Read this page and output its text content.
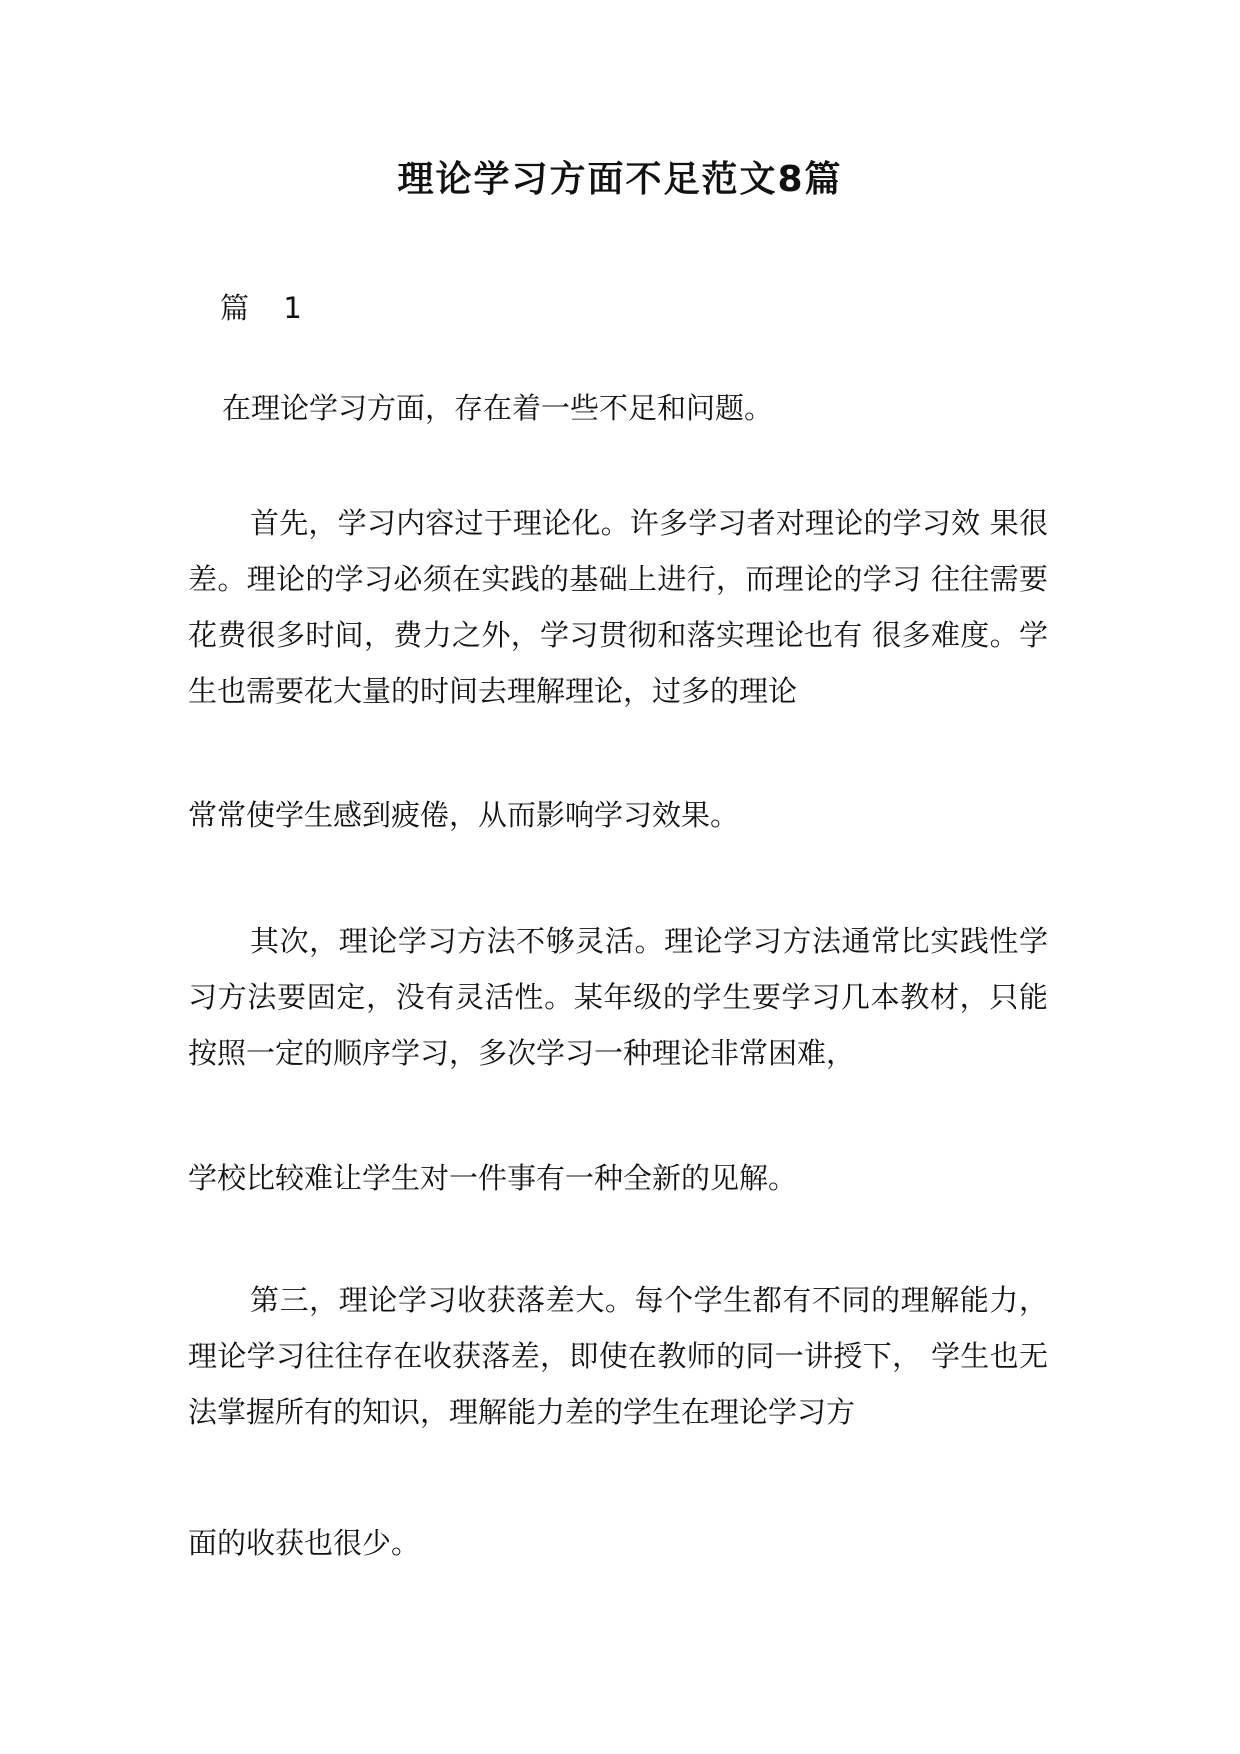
理论学习方面不足范文8篇
篇  1
在理论学习方面，存在着一些不足和问题。

首先，学习内容过于理论化。许多学习者对理论的学习效 果很差。理论的学习必须在实践的基础上进行，而理论的学习 往往需要花费很多时间，费力之外，学习贯彻和落实理论也有 很多难度。学生也需要花大量的时间去理解理论，过多的理论

常常使学生感到疲倦，从而影响学习效果。

其次，理论学习方法不够灵活。理论学习方法通常比实践性学习方法要固定，没有灵活性。某年级的学生要学习几本教材，只能按照一定的顺序学习，多次学习一种理论非常困难，

学校比较难让学生对一件事有一种全新的见解。

第三，理论学习收获落差大。每个学生都有不同的理解能力，理论学习往往存在收获落差，即使在教师的同一讲授下， 学生也无法掌握所有的知识，理解能力差的学生在理论学习方

面的收获也很少。
